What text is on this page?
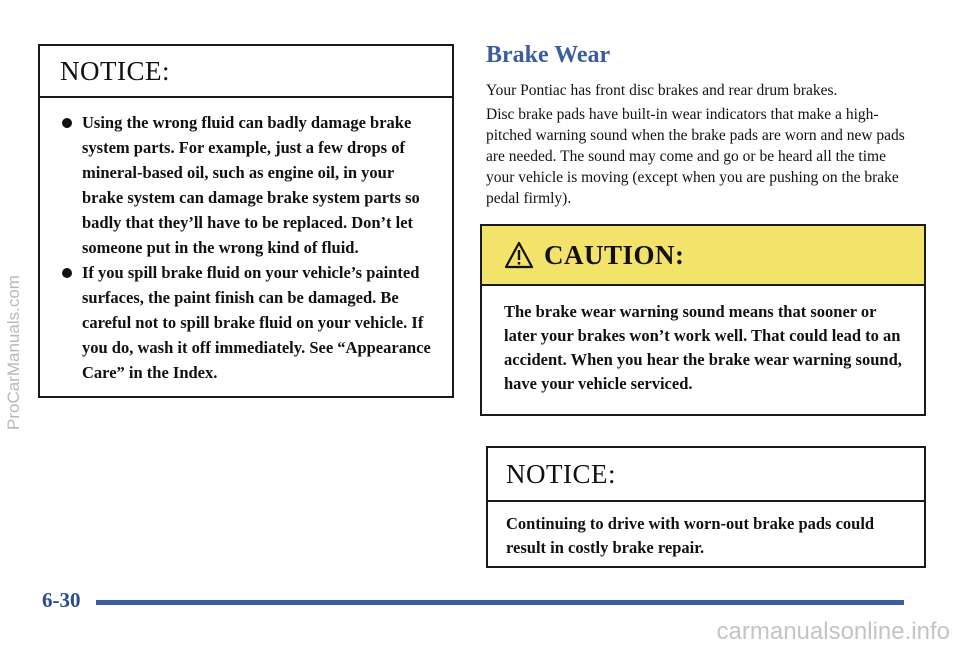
NOTICE:
Using the wrong fluid can badly damage brake system parts. For example, just a few drops of mineral-based oil, such as engine oil, in your brake system can damage brake system parts so badly that they’ll have to be replaced. Don’t let someone put in the wrong kind of fluid.
If you spill brake fluid on your vehicle’s painted surfaces, the paint finish can be damaged. Be careful not to spill brake fluid on your vehicle. If you do, wash it off immediately. See “Appearance Care” in the Index.
Brake Wear
Your Pontiac has front disc brakes and rear drum brakes.
Disc brake pads have built-in wear indicators that make a high-pitched warning sound when the brake pads are worn and new pads are needed. The sound may come and go or be heard all the time your vehicle is moving (except when you are pushing on the brake pedal firmly).
CAUTION:
The brake wear warning sound means that sooner or later your brakes won’t work well. That could lead to an accident. When you hear the brake wear warning sound, have your vehicle serviced.
NOTICE:
Continuing to drive with worn-out brake pads could result in costly brake repair.
6-30
ProCarManuals.com
carmanualsonline.info
